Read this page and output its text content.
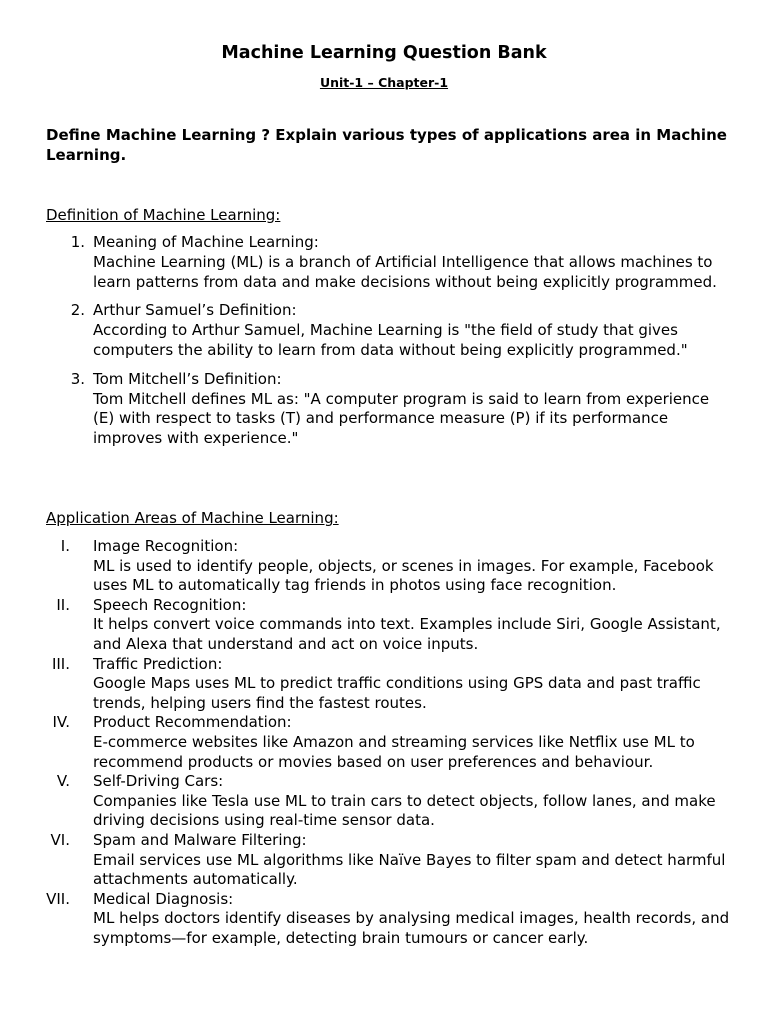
Machine Learning Question Bank
Unit-1 – Chapter-1
Define Machine Learning ? Explain various types of applications area in Machine Learning.
Definition of Machine Learning:
1. Meaning of Machine Learning:
Machine Learning (ML) is a branch of Artificial Intelligence that allows machines to learn patterns from data and make decisions without being explicitly programmed.
2. Arthur Samuel’s Definition:
According to Arthur Samuel, Machine Learning is "the field of study that gives computers the ability to learn from data without being explicitly programmed."
3. Tom Mitchell’s Definition:
Tom Mitchell defines ML as: "A computer program is said to learn from experience (E) with respect to tasks (T) and performance measure (P) if its performance improves with experience."
Application Areas of Machine Learning:
I. Image Recognition:
ML is used to identify people, objects, or scenes in images. For example, Facebook uses ML to automatically tag friends in photos using face recognition.
II. Speech Recognition:
It helps convert voice commands into text. Examples include Siri, Google Assistant, and Alexa that understand and act on voice inputs.
III. Traffic Prediction:
Google Maps uses ML to predict traffic conditions using GPS data and past traffic trends, helping users find the fastest routes.
IV. Product Recommendation:
E-commerce websites like Amazon and streaming services like Netflix use ML to recommend products or movies based on user preferences and behaviour.
V. Self-Driving Cars:
Companies like Tesla use ML to train cars to detect objects, follow lanes, and make driving decisions using real-time sensor data.
VI. Spam and Malware Filtering:
Email services use ML algorithms like Naïve Bayes to filter spam and detect harmful attachments automatically.
VII. Medical Diagnosis:
ML helps doctors identify diseases by analysing medical images, health records, and symptoms—for example, detecting brain tumours or cancer early.
